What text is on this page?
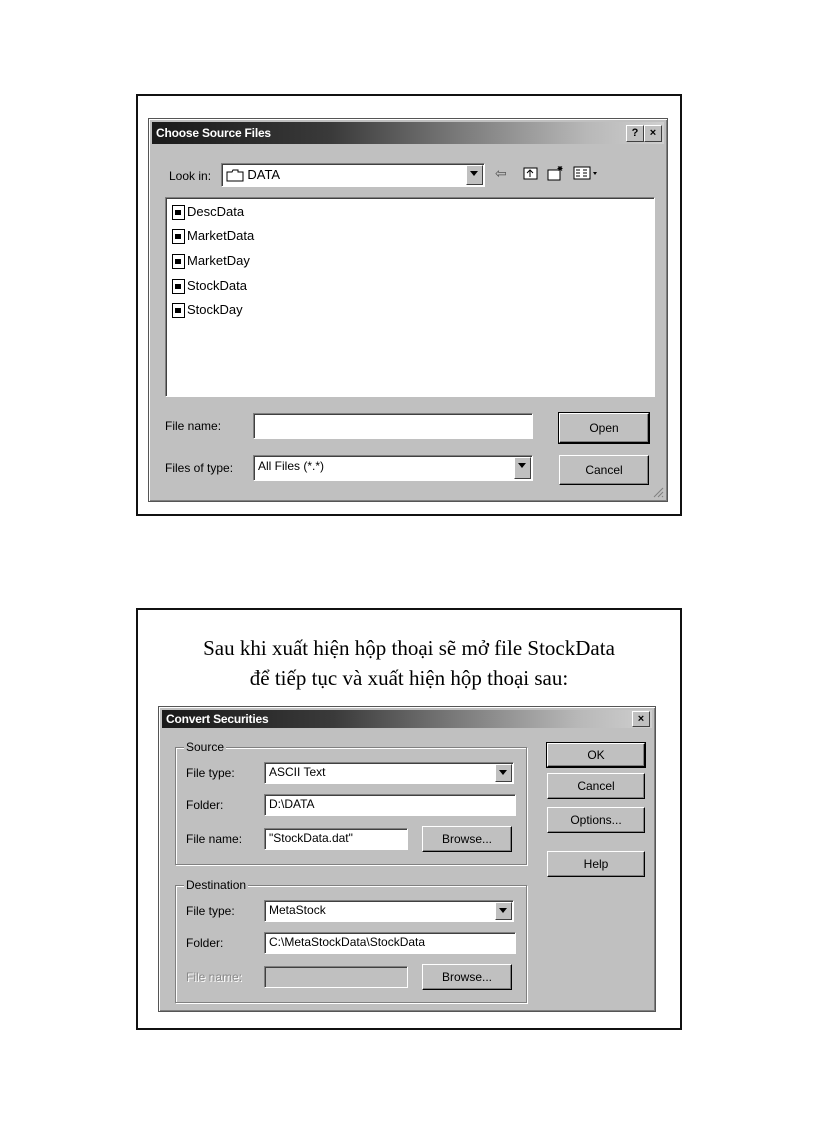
Choose Source Files	?	×
Look in:	DATA	⇦
DescData
MarketData
MarketDay
StockData
StockDay
File name:	Open
Files of type: All Files (*.*)	Cancel
Sau khi xuất hiện hộp thoại sẽ mở file StockData
để tiếp tục và xuất hiện hộp thoại sau:
Convert Securities	×
Source
File type:	ASCII Text
Folder:	D:\DATA
File name: "StockData.dat"	Browse...
Destination
File type:	MetaStock
Folder:	C:\MetaStockData\StockData
File name:	Browse...
OK
Cancel
Options...
Help
